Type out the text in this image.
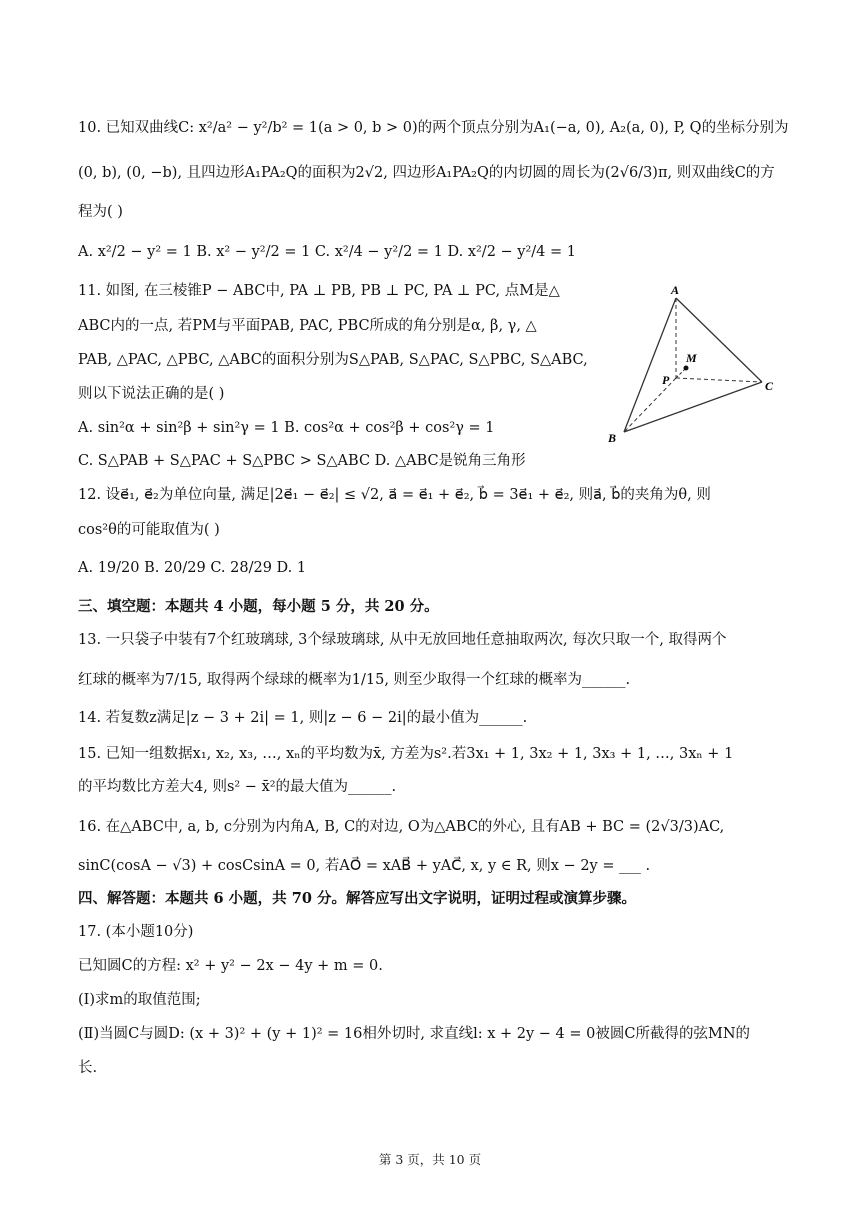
10. 已知双曲线C: x²/a² − y²/b² = 1(a > 0, b > 0)的两个顶点分别为A₁(−a, 0), A₂(a, 0), P, Q的坐标分别为
(0, b), (0, −b), 且四边形A₁PA₂Q的面积为2√2, 四边形A₁PA₂Q的内切圆的周长为(2√6/3)π, 则双曲线C的方
程为( )
A. x²/2 − y² = 1 B. x² − y²/2 = 1 C. x²/4 − y²/2 = 1 D. x²/2 − y²/4 = 1
11. 如图, 在三棱锥P − ABC中, PA ⊥ PB, PB ⊥ PC, PA ⊥ PC, 点M是△
ABC内的一点, 若PM与平面PAB, PAC, PBC所成的角分别是α, β, γ, △
PAB, △PAC, △PBC, △ABC的面积分别为S△PAB, S△PAC, S△PBC, S△ABC,
则以下说法正确的是( )
A. sin²α + sin²β + sin²γ = 1 B. cos²α + cos²β + cos²γ = 1
C. S△PAB + S△PAC + S△PBC > S△ABC D. △ABC是锐角三角形
12. 设e⃗₁, e⃗₂为单位向量, 满足|2e⃗₁ − e⃗₂| ≤ √2, a⃗ = e⃗₁ + e⃗₂, b⃗ = 3e⃗₁ + e⃗₂, 则a⃗, b⃗的夹角为θ, 则
cos²θ的可能取值为( )
A. 19/20 B. 20/29 C. 28/29 D. 1
三、填空题：本题共 4 小题，每小题 5 分，共 20 分。
13. 一只袋子中装有7个红玻璃球, 3个绿玻璃球, 从中无放回地任意抽取两次, 每次只取一个, 取得两个
红球的概率为7/15, 取得两个绿球的概率为1/15, 则至少取得一个红球的概率为______.
14. 若复数z满足|z − 3 + 2i| = 1, 则|z − 6 − 2i|的最小值为______.
15. 已知一组数据x₁, x₂, x₃, …, xₙ的平均数为x̄, 方差为s².若3x₁ + 1, 3x₂ + 1, 3x₃ + 1, …, 3xₙ + 1
的平均数比方差大4, 则s² − x̄²的最大值为______.
16. 在△ABC中, a, b, c分别为内角A, B, C的对边, O为△ABC的外心, 且有AB + BC = (2√3/3)AC,
sinC(cosA − √3) + cosCsinA = 0, 若AO⃗ = xAB⃗ + yAC⃗, x, y ∈ R, 则x − 2y = ___ .
四、解答题：本题共 6 小题，共 70 分。解答应写出文字说明，证明过程或演算步骤。
17. (本小题10分)
已知圆C的方程: x² + y² − 2x − 4y + m = 0.
(Ⅰ)求m的取值范围;
(Ⅱ)当圆C与圆D: (x + 3)² + (y + 1)² = 16相外切时, 求直线l: x + 2y − 4 = 0被圆C所截得的弦MN的
长.
A
B
C
P
M
第 3 页，共 10 页
